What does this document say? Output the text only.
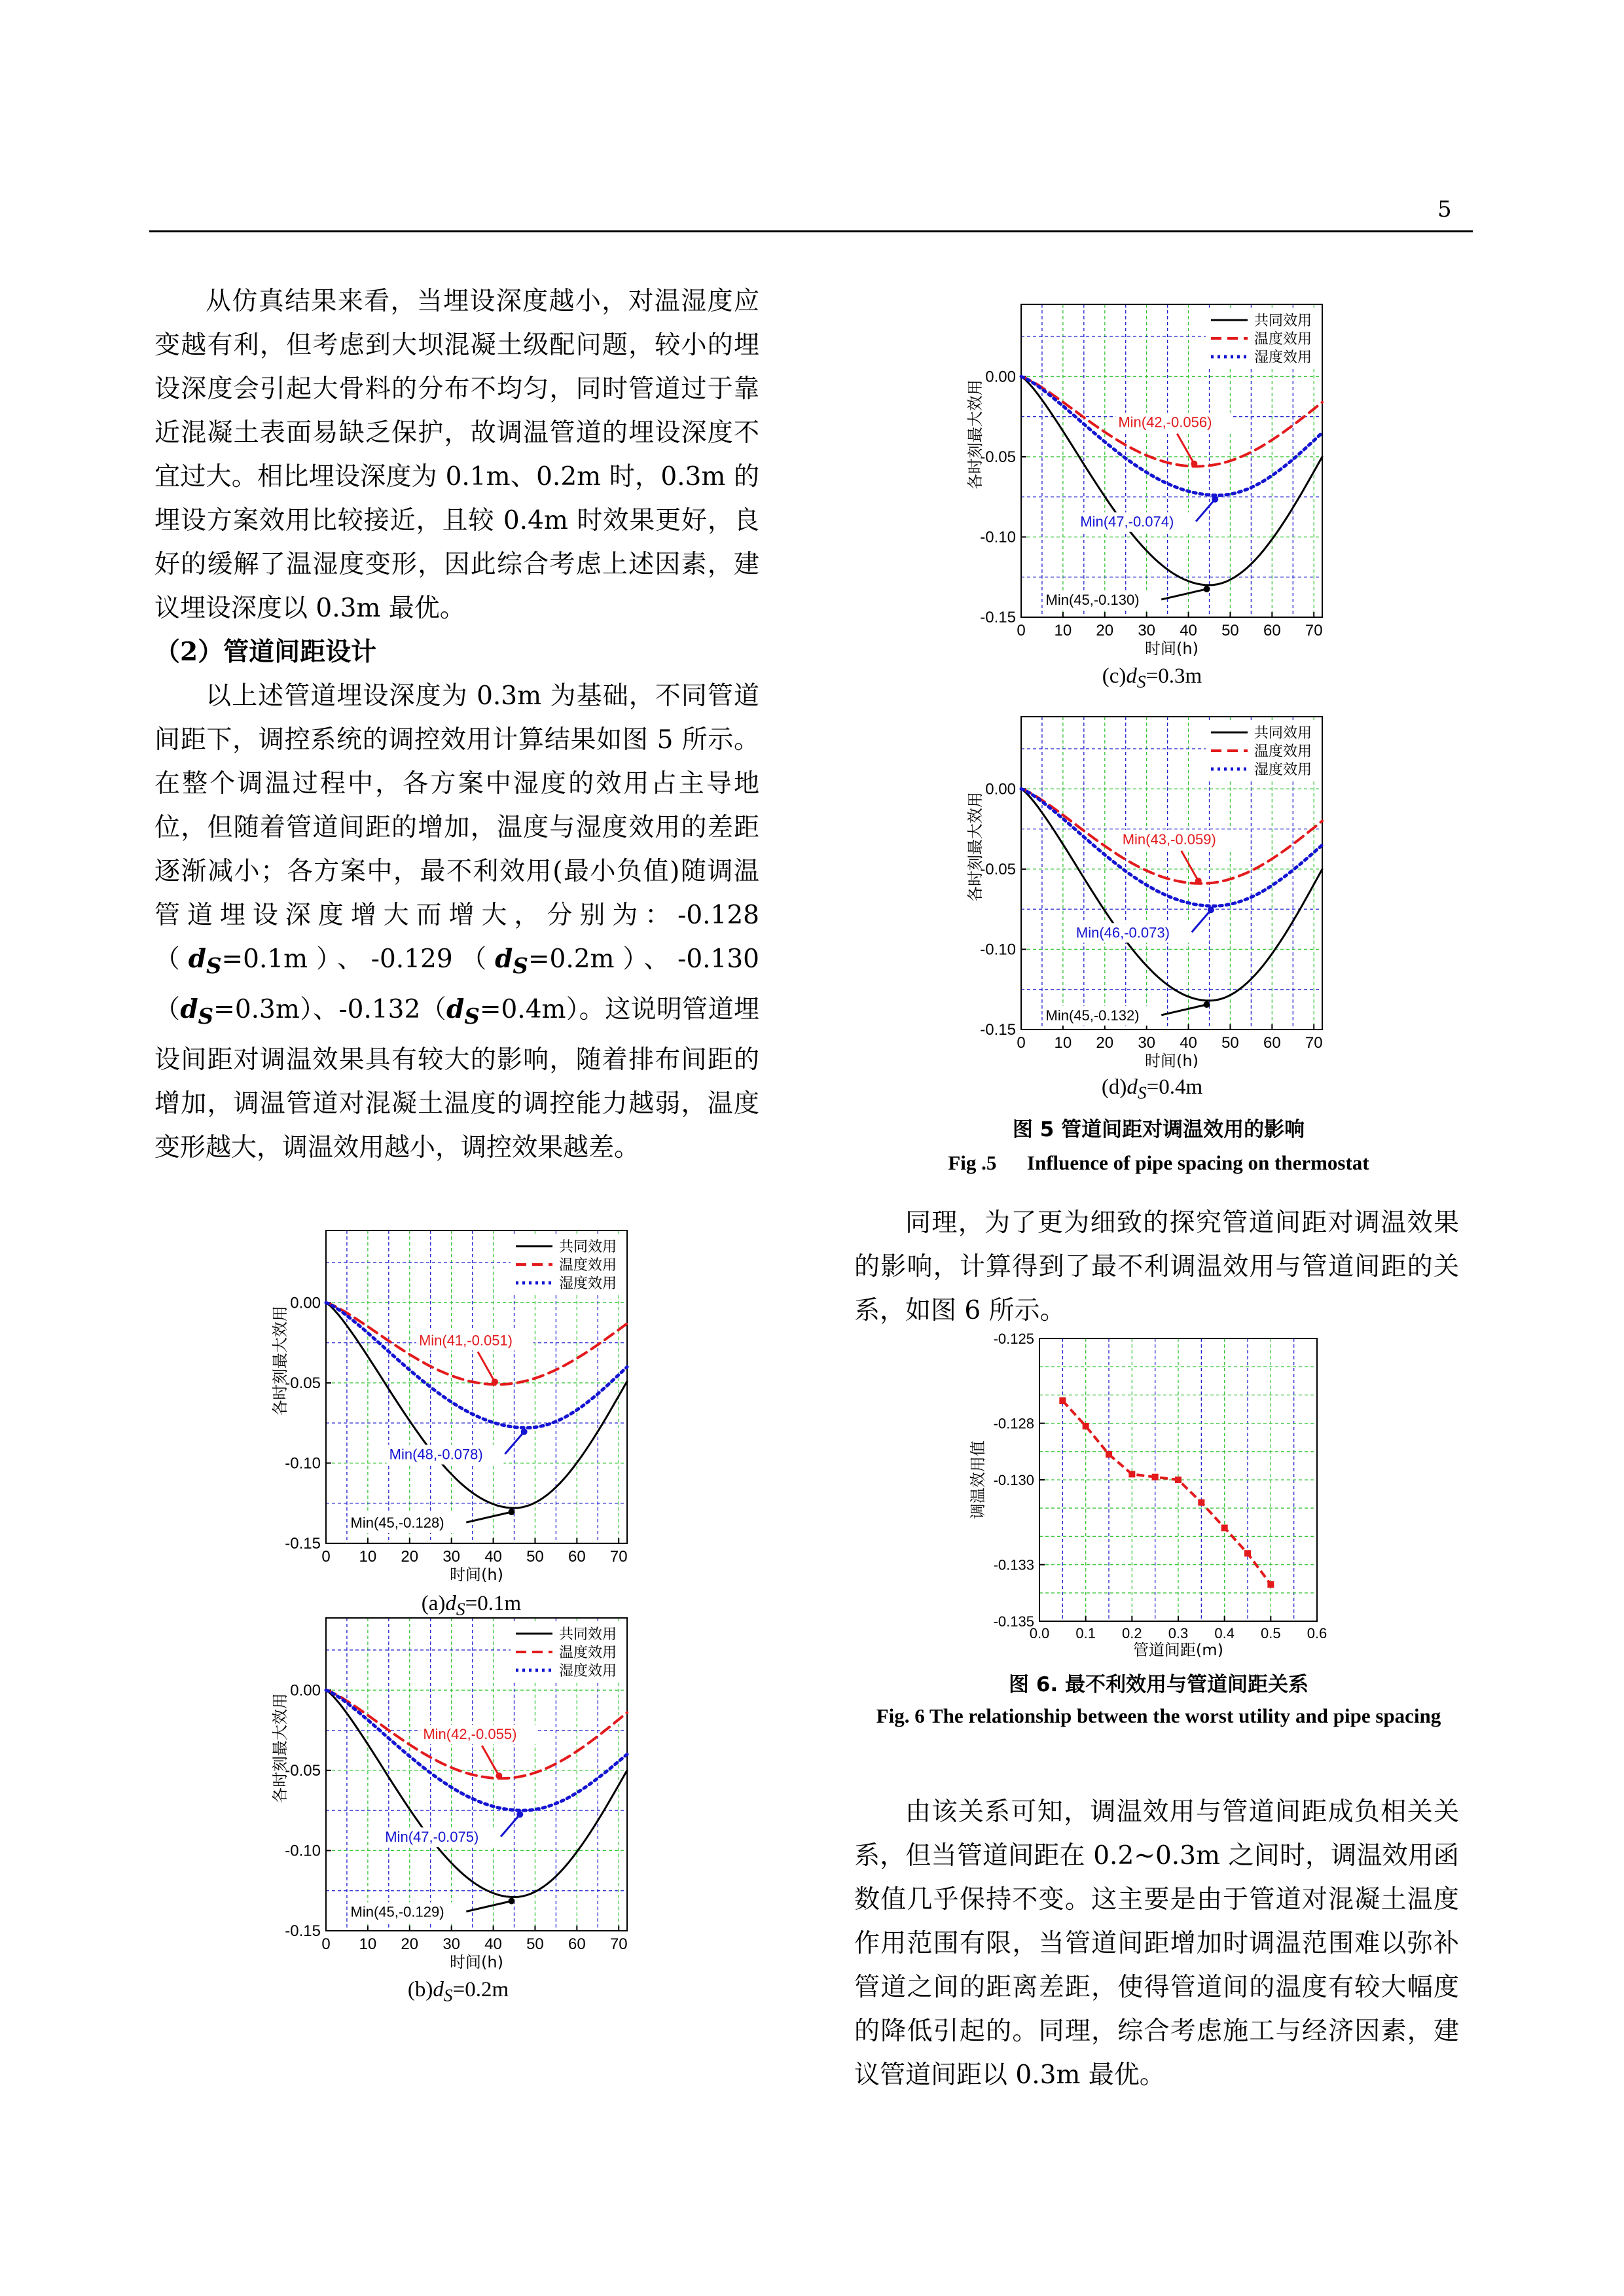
5

从仿真结果来看，当埋设深度越小，对温湿度应变越有利，但考虑到大坝混凝土级配问题，较小的埋设深度会引起大骨料的分布不均匀，同时管道过于靠近混凝土表面易缺乏保护，故调温管道的埋设深度不宜过大。相比埋设深度为 0.1m、0.2m 时，0.3m 的埋设方案效用比较接近，且较 0.4m 时效果更好，良好的缓解了温湿度变形，因此综合考虑上述因素，建议埋设深度以 0.3m 最优。

（2）管道间距设计

以上述管道埋设深度为 0.3m 为基础，不同管道间距下，调控系统的调控效用计算结果如图 5 所示。在整个调温过程中，各方案中湿度的效用占主导地位，但随着管道间距的增加，温度与湿度效用的差距逐渐减小；各方案中，最不利效用(最小负值)随调温管道埋设深度增大而增大，分别为：$-0.128(d_S=0.1m)$、$-0.129(d_S=0.2m)$、$-0.130(d_S=0.3m)$、$-0.132(d_S=0.4m)$。这说明管道埋设间距对调温效果具有较大的影响，随着排布间距的增加，调温管道对混凝土温度的调控能力越弱，温度变形越大，调温效用越小，调控效果越差。

同理，为了更为细致的探究管道间距对调温效果的影响，计算得到了最不利调温效用与管道间距的关系，如图 6 所示。

由该关系可知，调温效用与管道间距成负相关关系，但当管道间距在 0.2~0.3m 之间时，调温效用函数值几乎保持不变。这主要是由于管道对混凝土温度作用范围有限，当管道间距增加时调温范围难以弥补管道之间的距离差距，使得管道间的温度有较大幅度的降低引起的。同理，综合考虑施工与经济因素，建议管道间距以 0.3m 最优。

0 10 20 30 40 50 60 70
0.00
-0.05
-0.10
-0.15
时间(h)
各时刻最大效用
共同效用
温度效用
湿度效用
Min(41,-0.051)
Min(48,-0.078)
Min(45,-0.128)
$(a)d_S=0.1m$
0 10 20 30 40 50 60 70
0.00
-0.05
-0.10
-0.15
时间(h)
各时刻最大效用
共同效用
温度效用
湿度效用
Min(42,-0.055)
Min(47,-0.075)
Min(45,-0.129)
$(b)d_S=0.2m$
0 10 20 30 40 50 60 70
0.00
-0.05
-0.10
-0.15
时间(h)
各时刻最大效用
共同效用
温度效用
湿度效用
Min(42,-0.056)
Min(47,-0.074)
Min(45,-0.130)
$(c)d_S=0.3m$
0 10 20 30 40 50 60 70
0.00
-0.05
-0.10
-0.15
时间(h)
各时刻最大效用
共同效用
温度效用
湿度效用
Min(43,-0.059)
Min(46,-0.073)
Min(45,-0.132)
$(d)d_S=0.4m$
图 5 管道间距对调温效用的影响
Fig .5      Influence of pipe spacing on thermostat
0.0 0.1 0.2 0.3 0.4 0.5 0.6
-0.125
-0.128
-0.130
-0.133
-0.135
管道间距(m)
调温效用值
图 6. 最不利效用与管道间距关系
Fig. 6 The relationship between the worst utility and pipe spacing
